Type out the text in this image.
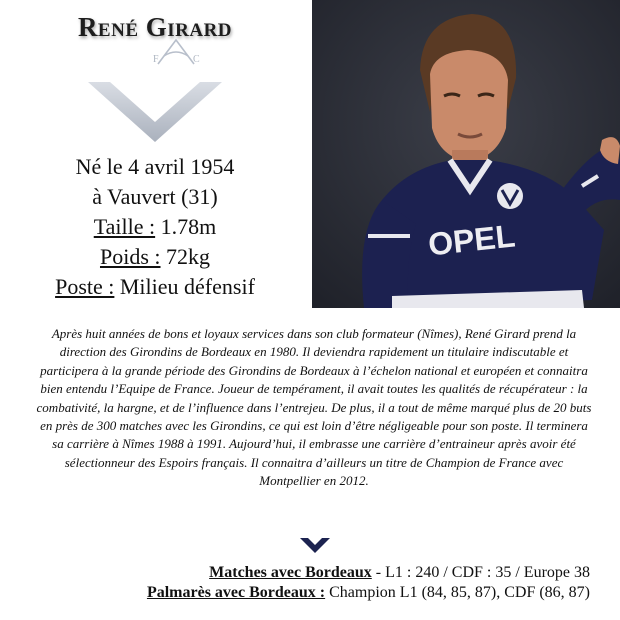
René Girard
F	C
Né le 4 avril 1954
à Vauvert (31)
Taille : 1.78m
Poids : 72kg
Poste : Milieu défensif
OPEL
Après huit années de bons et loyaux services dans son club formateur (Nîmes), René Girard prend la direction des Girondins de Bordeaux en 1980. Il deviendra rapidement un titulaire indiscutable et participera à la grande période des Girondins de Bordeaux à l’échelon national et européen et connaitra bien entendu l’Equipe de France. Joueur de tempérament, il avait toutes les qualités de récupérateur : la combativité, la hargne, et de l’influence dans l’entrejeu. De plus, il a tout de même marqué plus de 20 buts en près de 300 matches avec les Girondins, ce qui est loin d’être négligeable pour son poste. Il terminera sa carrière à Nîmes 1988 à 1991. Aujourd’hui, il embrasse une carrière d’entraineur après avoir été sélectionneur des Espoirs français. Il connaitra d’ailleurs un titre de Champion de France avec Montpellier en 2012.
Matches avec Bordeaux - L1 : 240 / CDF : 35 / Europe 38
Palmarès avec Bordeaux : Champion L1 (84, 85, 87), CDF (86, 87)
